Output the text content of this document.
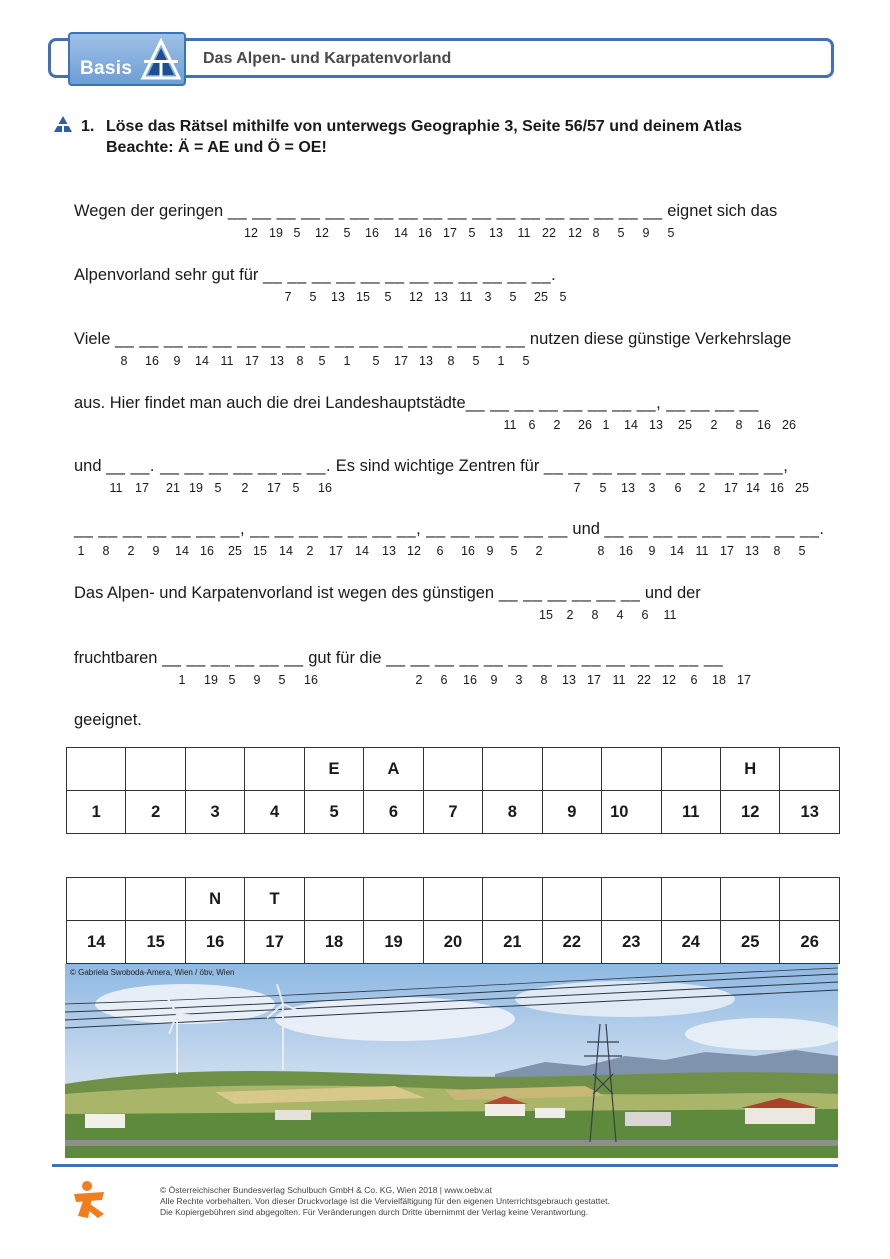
Basis	Das Alpen- und Karpatenvorland
1. Löse das Rätsel mithilfe von unterwegs Geographie 3, Seite 56/57 und deinem Atlas
Beachte: Ä = AE und Ö = OE!
Wegen der geringen __ __ __ __ __ __ __ __ __ __ __ __ __ __ __ __ __ __ eignet sich das
12 19 5	12	5	16	14 16 17 5	13	11 22 12 8	5	9	5
Alpenvorland sehr gut für __ __ __ __ __ __ __ __ __ __ __ __.
7	5	13 15	5	12 13 11 3	5	25 5
Viele __ __ __ __ __ __ __ __ __ __ __ __ __ __ __ __ __ nutzen diese günstige Verkehrslage
8	16	9	14 11 17 13	8	5	1	5	17 13	8	5	1	5
aus. Hier findet man auch die drei Landeshauptstädte__ __ __ __ __ __ __ __, __ __ __ __
11 6	2	26 1	14 13	25	2	8	16 26
und __ __. __ __ __ __ __ __ __. Es sind wichtige Zentren für __ __ __ __ __ __ __ __ __ __,
11	17	21 19 5	2	17 5	16	7	5	13	3	6	2	17 14 16 25
__ __ __ __ __ __ __, __ __ __ __ __ __ __, __ __ __ __ __ __ und __ __ __ __ __ __ __ __ __.
1	8	2	9	14 16	25 15 14	2	17 14	13 12	6	16 9	5	2	8	16	9	14 11 17 13	8	5
Das Alpen- und Karpatenvorland ist wegen des günstigen __ __ __ __ __ __ und der
15	2	8	4	6	11
fruchtbaren __ __ __ __ __ __ gut für die __ __ __ __ __ __ __ __ __ __ __ __ __ __
1	19 5	9	5	16	2	6	16	9	3	8	13 17 11 22 12	6	18 17
geeignet.
				E	A						H	
1	2	3	4	5	6	7	8	9	10	11	12	13
		N	T									
14	15	16	17	18	19	20	21	22	23	24	25	26
© Gabriela Swoboda-Amera, Wien / öbv, Wien
© Österreichischer Bundesverlag Schulbuch GmbH & Co. KG, Wien 2018 | www.oebv.at
Alle Rechte vorbehalten. Von dieser Druckvorlage ist die Vervielfältigung für den eigenen Unterrichtsgebrauch gestattet.
Die Kopiergebühren sind abgegolten. Für Veränderungen durch Dritte übernimmt der Verlag keine Verantwortung.
